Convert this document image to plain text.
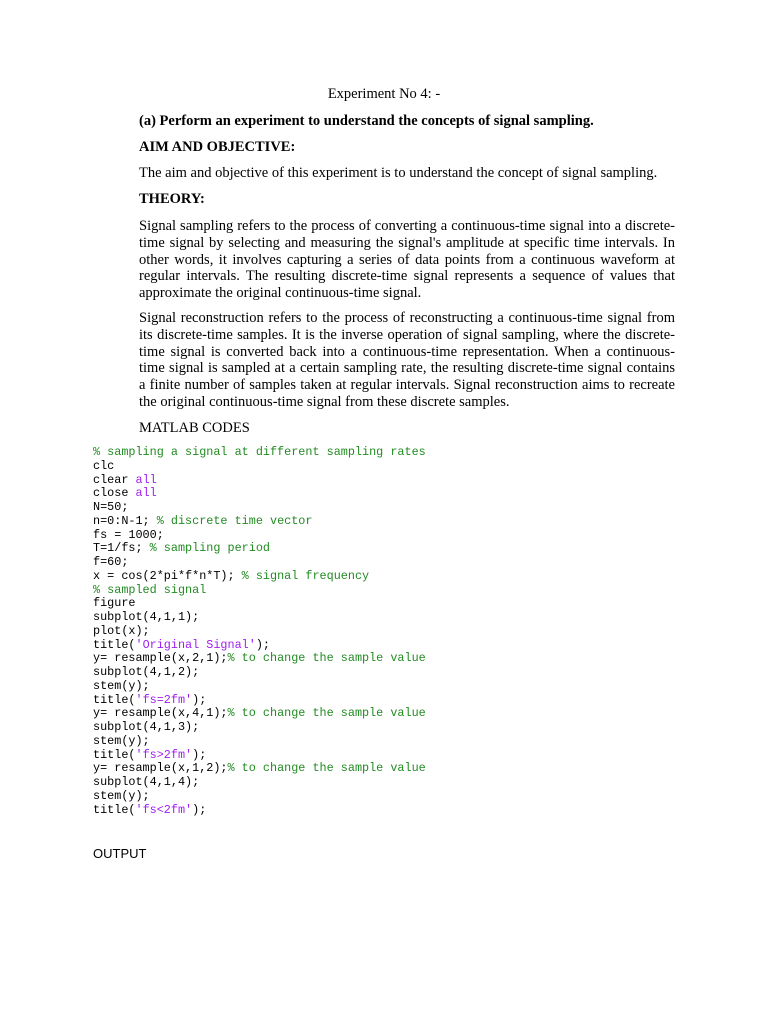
Experiment No 4: -
(a) Perform an experiment to understand the concepts of signal sampling.
AIM AND OBJECTIVE:
The aim and objective of this experiment is to understand the concept of signal sampling.
THEORY:

Signal sampling refers to the process of converting a continuous-time signal into a discrete-time signal by selecting and measuring the signal's amplitude at specific time intervals. In other words, it involves capturing a series of data points from a continuous waveform at regular intervals. The resulting discrete-time signal represents a sequence of values that approximate the original continuous-time signal.

Signal reconstruction refers to the process of reconstructing a continuous-time signal from its discrete-time samples. It is the inverse operation of signal sampling, where the discrete-time signal is converted back into a continuous-time representation. When a continuous-time signal is sampled at a certain sampling rate, the resulting discrete-time signal contains a finite number of samples taken at regular intervals. Signal reconstruction aims to recreate the original continuous-time signal from these discrete samples.

MATLAB CODES
% sampling a signal at different sampling rates
clc
clear all
close all
N=50;
n=0:N-1; % discrete time vector
fs = 1000;
T=1/fs; % sampling period
f=60;
x = cos(2*pi*f*n*T); % signal frequency
% sampled signal
figure
subplot(4,1,1);
plot(x);
title('Original Signal');
y= resample(x,2,1);% to change the sample value
subplot(4,1,2);
stem(y);
title('fs=2fm');
y= resample(x,4,1);% to change the sample value
subplot(4,1,3);
stem(y);
title('fs>2fm');
y= resample(x,1,2);% to change the sample value
subplot(4,1,4);
stem(y);
title('fs<2fm');
OUTPUT
